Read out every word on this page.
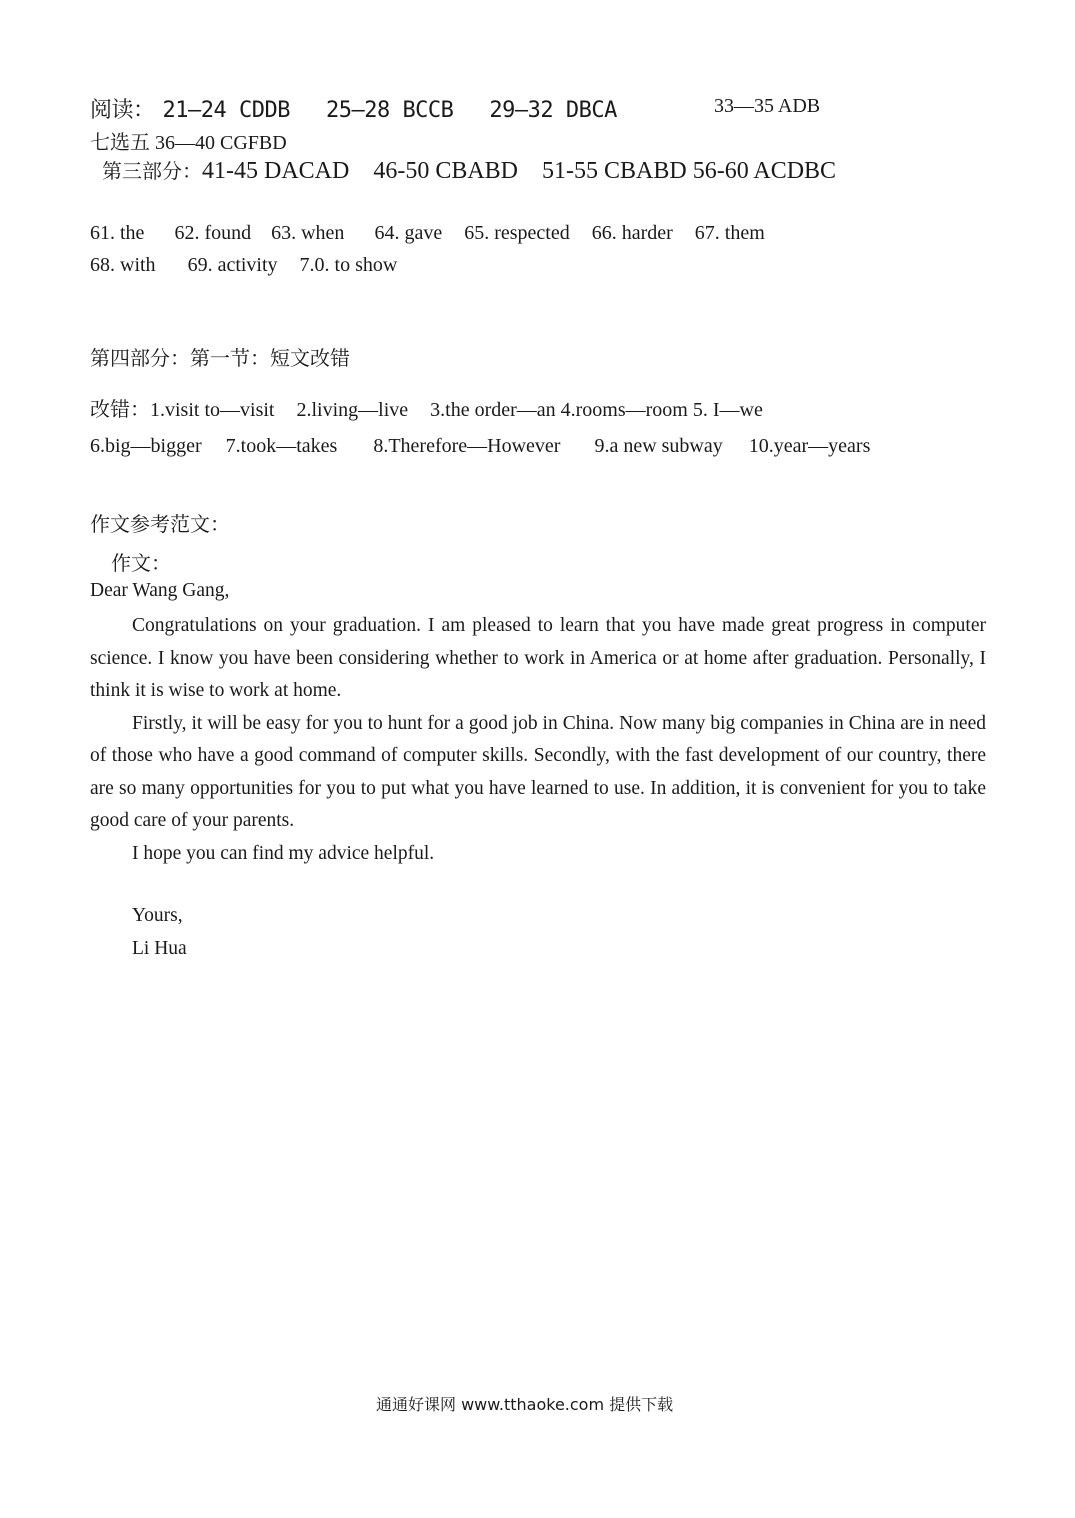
阅读： 21—24 CDDB 25—28 BCCB 29—32 DBCA	33—35 ADB
七选五 36—40 CGFBD
第三部分：41-45 DACAD 46-50 CBABD 51-55 CBABD 56-60 ACDBC
61. the 62. found 63. when 64. gave 65. respected 66. harder 67. them
68. with 69. activity 7.0. to show
第四部分：第一节：短文改错
改错：1.visit to—visit 2.living—live 3.the order—an 4.rooms—room 5. I—we
6.big—bigger 7.took—takes 8.Therefore—However 9.a new subway 10.year—years
作文参考范文：
作文：
Dear Wang Gang,

Congratulations on your graduation. I am pleased to learn that you have made great progress in computer science. I know you have been considering whether to work in America or at home after graduation. Personally, I think it is wise to work at home.

Firstly, it will be easy for you to hunt for a good job in China. Now many big companies in China are in need of those who have a good command of computer skills. Secondly, with the fast development of our country, there are so many opportunities for you to put what you have learned to use. In addition, it is convenient for you to take good care of your parents.

I hope you can find my advice helpful.

Yours,
Li Hua
通通好课网 www.tthaoke.com 提供下载
